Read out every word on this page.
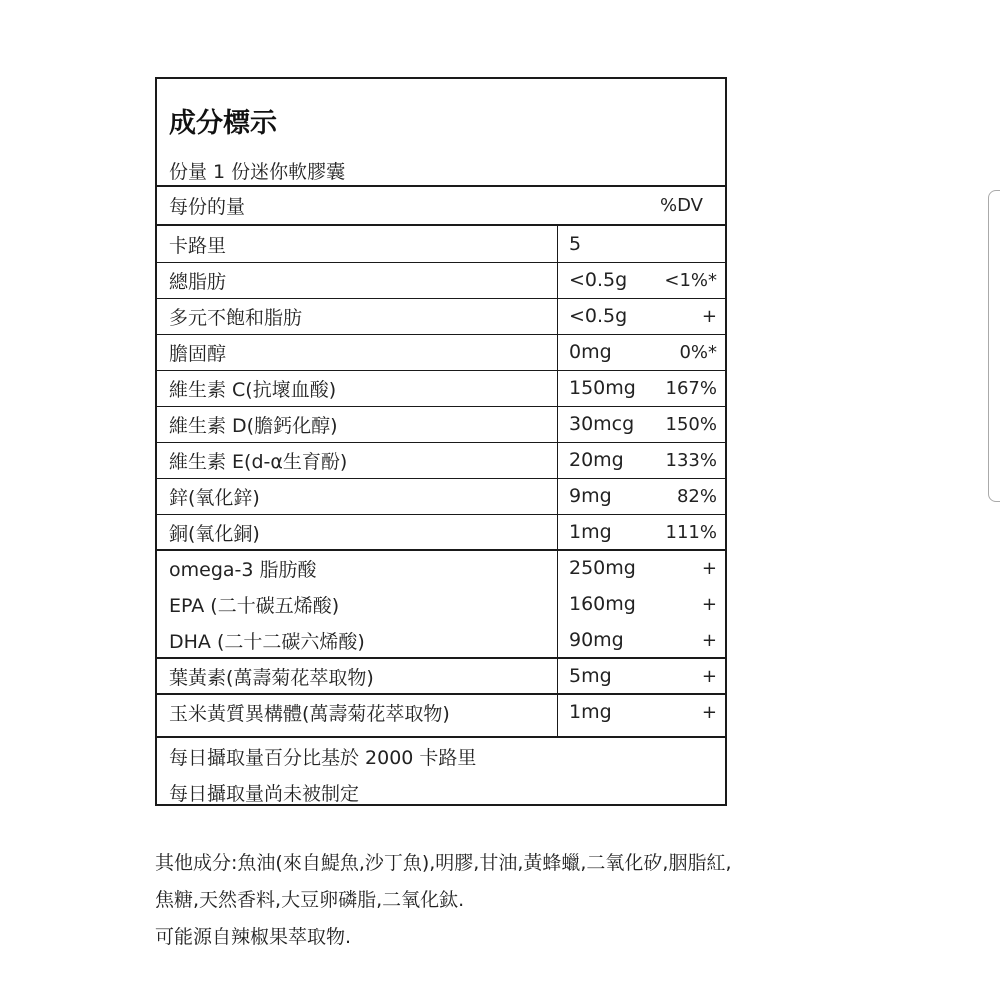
成分標示
份量 1 份迷你軟膠囊
每份的量	%DV
卡路里	5
總脂肪	<0.5g <1%*
多元不飽和脂肪	<0.5g	+
膽固醇	0mg	0%*
維生素 C(抗壞血酸)	150mg 167%
維生素 D(膽鈣化醇)	30mcg 150%
維生素 E(d-α生育酚)	20mg 133%
鋅(氧化鋅)	9mg	82%
銅(氧化銅)	1mg	111%
omega-3 脂肪酸	250mg	+
EPA (二十碳五烯酸)	160mg	+
DHA (二十二碳六烯酸)	90mg	+
葉黃素(萬壽菊花萃取物)	5mg	+
玉米黃質異構體(萬壽菊花萃取物)	1mg	+
每日攝取量百分比基於 2000 卡路里
每日攝取量尚未被制定
其他成分:魚油(來自鯷魚,沙丁魚),明膠,甘油,黃蜂蠟,二氧化矽,胭脂紅,
焦糖,天然香料,大豆卵磷脂,二氧化鈦.
可能源自辣椒果萃取物.
